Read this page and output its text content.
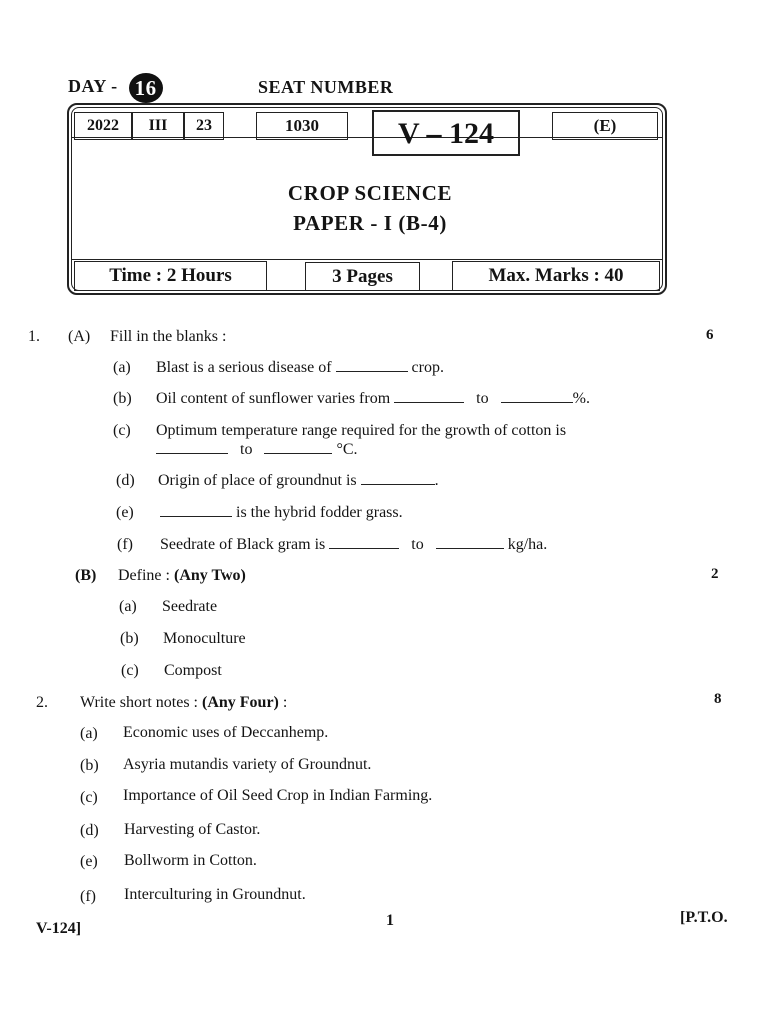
DAY - 16	SEAT NUMBER
2022	III	23	1030	V – 124	(E)
CROP SCIENCE
PAPER - I (B-4)
Time : 2 Hours	3 Pages	Max. Marks : 40
1. (A) Fill in the blanks :	6
(a) Blast is a serious disease of	crop.
(b) Oil content of sunflower varies from	to	%.
(c) Optimum temperature range required for the growth of cotton is
to	°C.
(d) Origin of place of groundnut is	.
(e)	is the hybrid fodder grass.
(f) Seedrate of Black gram is	to	kg/ha.
(B) Define : (Any Two)	2
(a) Seedrate
(b) Monoculture
(c) Compost
2. Write short notes : (Any Four) :	8
(a) Economic uses of Deccanhemp.
(b) Asyria mutandis variety of Groundnut.
(c) Importance of Oil Seed Crop in Indian Farming.
(d) Harvesting of Castor.
(e) Bollworm in Cotton.
(f) Interculturing in Groundnut.
V-124]	1	[P.T.O.
